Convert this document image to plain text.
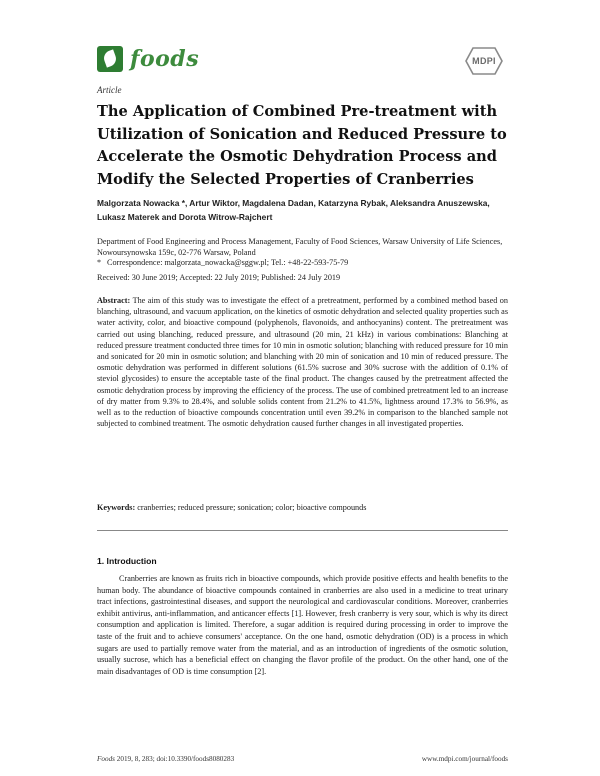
foods	MDPI
Article
The Application of Combined Pre-treatment with Utilization of Sonication and Reduced Pressure to Accelerate the Osmotic Dehydration Process and Modify the Selected Properties of Cranberries
Malgorzata Nowacka *, Artur Wiktor, Magdalena Dadan, Katarzyna Rybak, Aleksandra Anuszewska, Lukasz Materek and Dorota Witrow-Rajchert
Department of Food Engineering and Process Management, Faculty of Food Sciences, Warsaw University of Life Sciences, Nowoursynowska 159c, 02-776 Warsaw, Poland
* Correspondence: malgorzata_nowacka@sggw.pl; Tel.: +48-22-593-75-79
Received: 30 June 2019; Accepted: 22 July 2019; Published: 24 July 2019
Abstract: The aim of this study was to investigate the effect of a pretreatment, performed by a combined method based on blanching, ultrasound, and vacuum application, on the kinetics of osmotic dehydration and selected quality properties such as water activity, color, and bioactive compound (polyphenols, flavonoids, and anthocyanins) content. The pretreatment was carried out using blanching, reduced pressure, and ultrasound (20 min, 21 kHz) in various combinations: Blanching at reduced pressure treatment conducted three times for 10 min in osmotic solution; blanching with reduced pressure for 10 min and sonicated for 20 min in osmotic solution; and blanching with 20 min of sonication and 10 min of reduced pressure. The osmotic dehydration was performed in different solutions (61.5% sucrose and 30% sucrose with the addition of 0.1% of steviol glycosides) to ensure the acceptable taste of the final product. The changes caused by the pretreatment affected the osmotic dehydration process by improving the efficiency of the process. The use of combined pretreatment led to an increase of dry matter from 9.3% to 28.4%, and soluble solids content from 21.2% to 41.5%, lightness around 17.3% to 56.9%, as well as to the reduction of bioactive compounds concentration until even 39.2% in comparison to the blanched sample not subjected to combined treatment. The osmotic dehydration caused further changes in all investigated properties.
Keywords: cranberries; reduced pressure; sonication; color; bioactive compounds
1. Introduction
Cranberries are known as fruits rich in bioactive compounds, which provide positive effects and health benefits to the human body. The abundance of bioactive compounds contained in cranberries are also used in a medicine to treat urinary tract infections, gastrointestinal diseases, and support the neurological and cardiovascular conditions. Moreover, cranberries exhibit antivirus, anti-inflammation, and anticancer effects [1]. However, fresh cranberry is very sour, which is why its direct consumption and application is limited. Therefore, a sugar addition is required during processing in order to improve the taste of the fruit and to achieve consumers' acceptance. On the one hand, osmotic dehydration (OD) is a process in which sugars are used to partially remove water from the material, and as an introduction of ingredients of the osmotic solution, usually sucrose, which has a beneficial effect on changing the flavor profile of the product. On the other hand, one of the main disadvantages of OD is time consumption [2].
Foods 2019, 8, 283; doi:10.3390/foods8080283	www.mdpi.com/journal/foods
